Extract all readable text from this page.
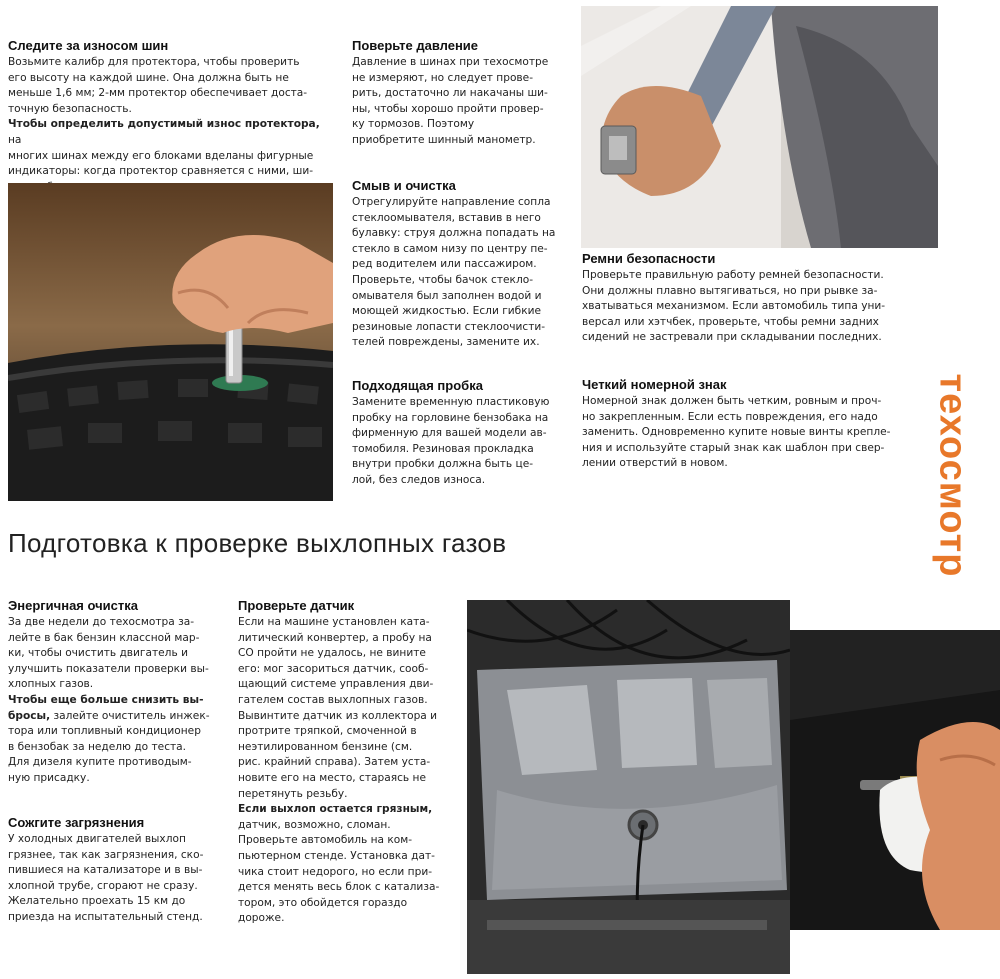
Следите за износом шин

Возьмите калибр для протектора, чтобы проверить
его высоту на каждой шине. Она должна быть не
меньше 1,6 мм; 2-мм протектор обеспечивает доста-
точную безопасность.
Чтобы определить допустимый износ протектора, на
многих шинах между его блоками вделаны фигурные
индикаторы: когда протектор сравняется с ними, ши-

Поверьте давление

Давление в шинах при техосмотре
не измеряют, но следует прове-
рить, достаточно ли накачаны ши-
ны, чтобы хорошо пройти провер-
ку тормозов. Поэтому
приобретите шинный манометр.

Смыв и очистка

Отрегулируйте направление сопла
стеклоомывателя, вставив в него
булавку: струя должна попадать на
стекло в самом низу по центру пе-
ред водителем или пассажиром.
Проверьте, чтобы бачок стекло-
омывателя был заполнен водой и
моющей жидкостью. Если гибкие
резиновые лопасти стеклоочисти-
телей повреждены, замените их.

Подходящая пробка

Замените временную пластиковую
пробку на горловине бензобака на
фирменную для вашей модели ав-
томобиля. Резиновая прокладка
внутри пробки должна быть це-
лой, без следов износа.

Ремни безопасности

Проверьте правильную работу ремней безопасности.
Они должны плавно вытягиваться, но при рывке за-
хватываться механизмом. Если автомобиль типа уни-
версал или хэтчбек, проверьте, чтобы ремни задних
сидений не застревали при складывании последних.

Четкий номерной знак

Номерной знак должен быть четким, ровным и проч-
но закрепленным. Если есть повреждения, его надо
заменить. Одновременно купите новые винты крепле-
ния и используйте старый знак как шаблон при свер-
лении отверстий в новом.	техосмотр
Подготовка к проверке выхлопных газов
Энергичная очистка

За две недели до техосмотра за-
лейте в бак бензин классной мар-
ки, чтобы очистить двигатель и
улучшить показатели проверки вы-
хлопных газов.
Чтобы еще больше снизить вы-
бросы, залейте очиститель инжек-
тора или топливный кондиционер
в бензобак за неделю до теста.
Для дизеля купите противодым-
ную присадку.

Сожгите загрязнения

У холодных двигателей выхлоп
грязнее, так как загрязнения, ско-
пившиеся на катализаторе и в вы-
хлопной трубе, сгорают не сразу.
Желательно проехать 15 км до
приезда на испытательный стенд.

Проверьте датчик

Если на машине установлен ката-
литический конвертер, а пробу на
CO пройти не удалось, не вините
его: мог засориться датчик, сооб-
щающий системе управления дви-
гателем состав выхлопных газов.
Вывинтите датчик из коллектора и
протрите тряпкой, смоченной в
неэтилированном бензине (см.
рис. крайний справа). Затем уста-
новите его на место, стараясь не
перетянуть резьбу.
Если выхлоп остается грязным,
датчик, возможно, сломан.
Проверьте автомобиль на ком-
пьютерном стенде. Установка дат-
чика стоит недорого, но если при-
дется менять весь блок с катализа-
тором, это обойдется гораздо
дороже.
